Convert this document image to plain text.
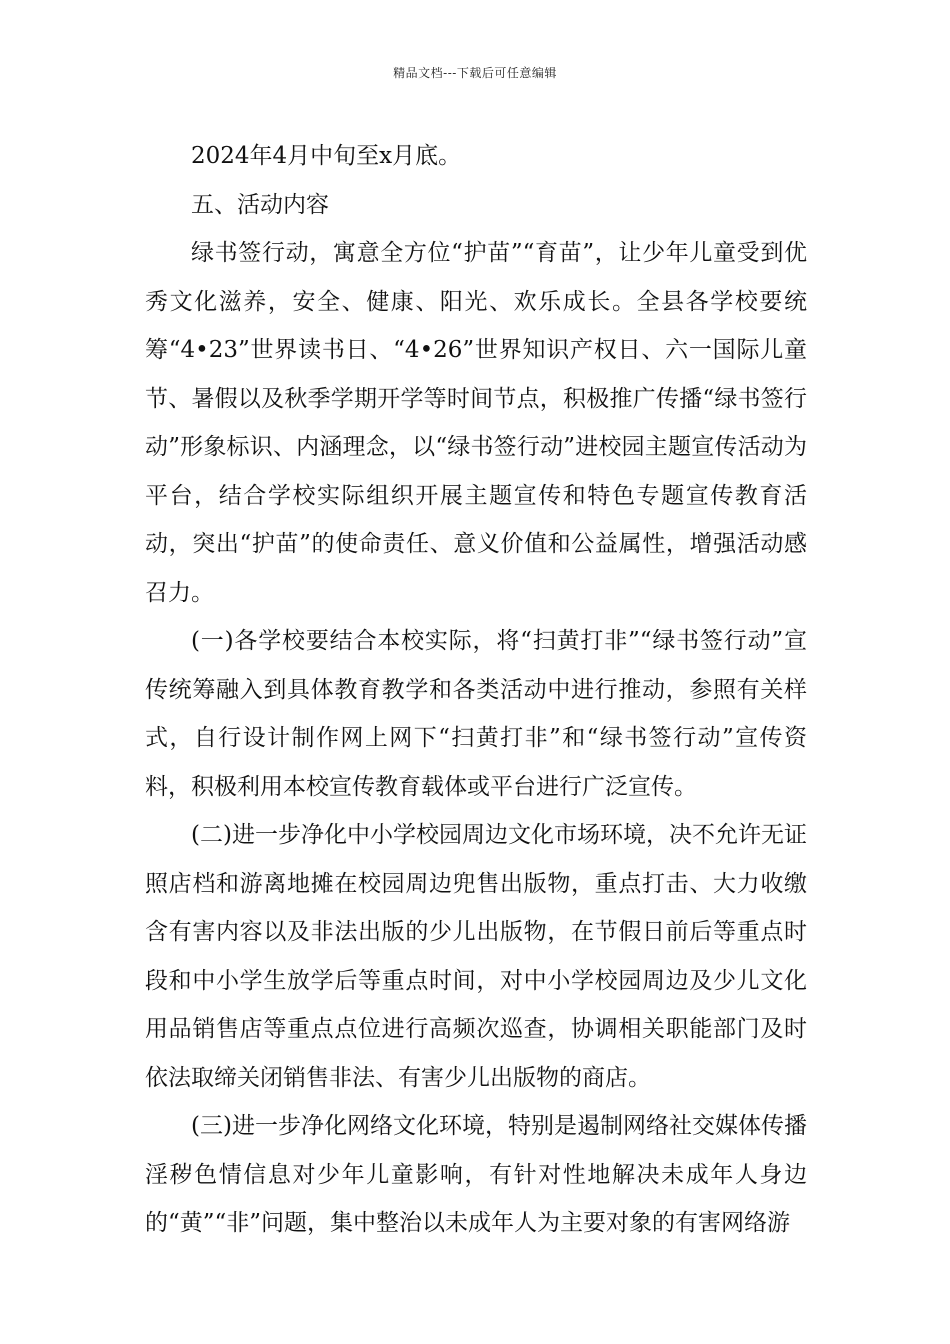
精品文档---下载后可任意编辑

2024年4月中旬至x月底。

五、活动内容

绿书签行动，寓意全方位“护苗”“育苗”，让少年儿童受到优秀文化滋养，安全、健康、阳光、欢乐成长。全县各学校要统筹“4•23”世界读书日、“4•26”世界知识产权日、六一国际儿童节、暑假以及秋季学期开学等时间节点，积极推广传播“绿书签行动”形象标识、内涵理念，以“绿书签行动”进校园主题宣传活动为平台，结合学校实际组织开展主题宣传和特色专题宣传教育活动，突出“护苗”的使命责任、意义价值和公益属性，增强活动感召力。

(一)各学校要结合本校实际，将“扫黄打非”“绿书签行动”宣传统筹融入到具体教育教学和各类活动中进行推动，参照有关样式，自行设计制作网上网下“扫黄打非”和“绿书签行动”宣传资料，积极利用本校宣传教育载体或平台进行广泛宣传。

(二)进一步净化中小学校园周边文化市场环境，决不允许无证照店档和游离地摊在校园周边兜售出版物，重点打击、大力收缴含有害内容以及非法出版的少儿出版物，在节假日前后等重点时段和中小学生放学后等重点时间，对中小学校园周边及少儿文化用品销售店等重点点位进行高频次巡查，协调相关职能部门及时依法取缔关闭销售非法、有害少儿出版物的商店。

(三)进一步净化网络文化环境，特别是遏制网络社交媒体传播淫秽色情信息对少年儿童影响，有针对性地解决未成年人身边的“黄”“非”问题，集中整治以未成年人为主要对象的有害网络游
